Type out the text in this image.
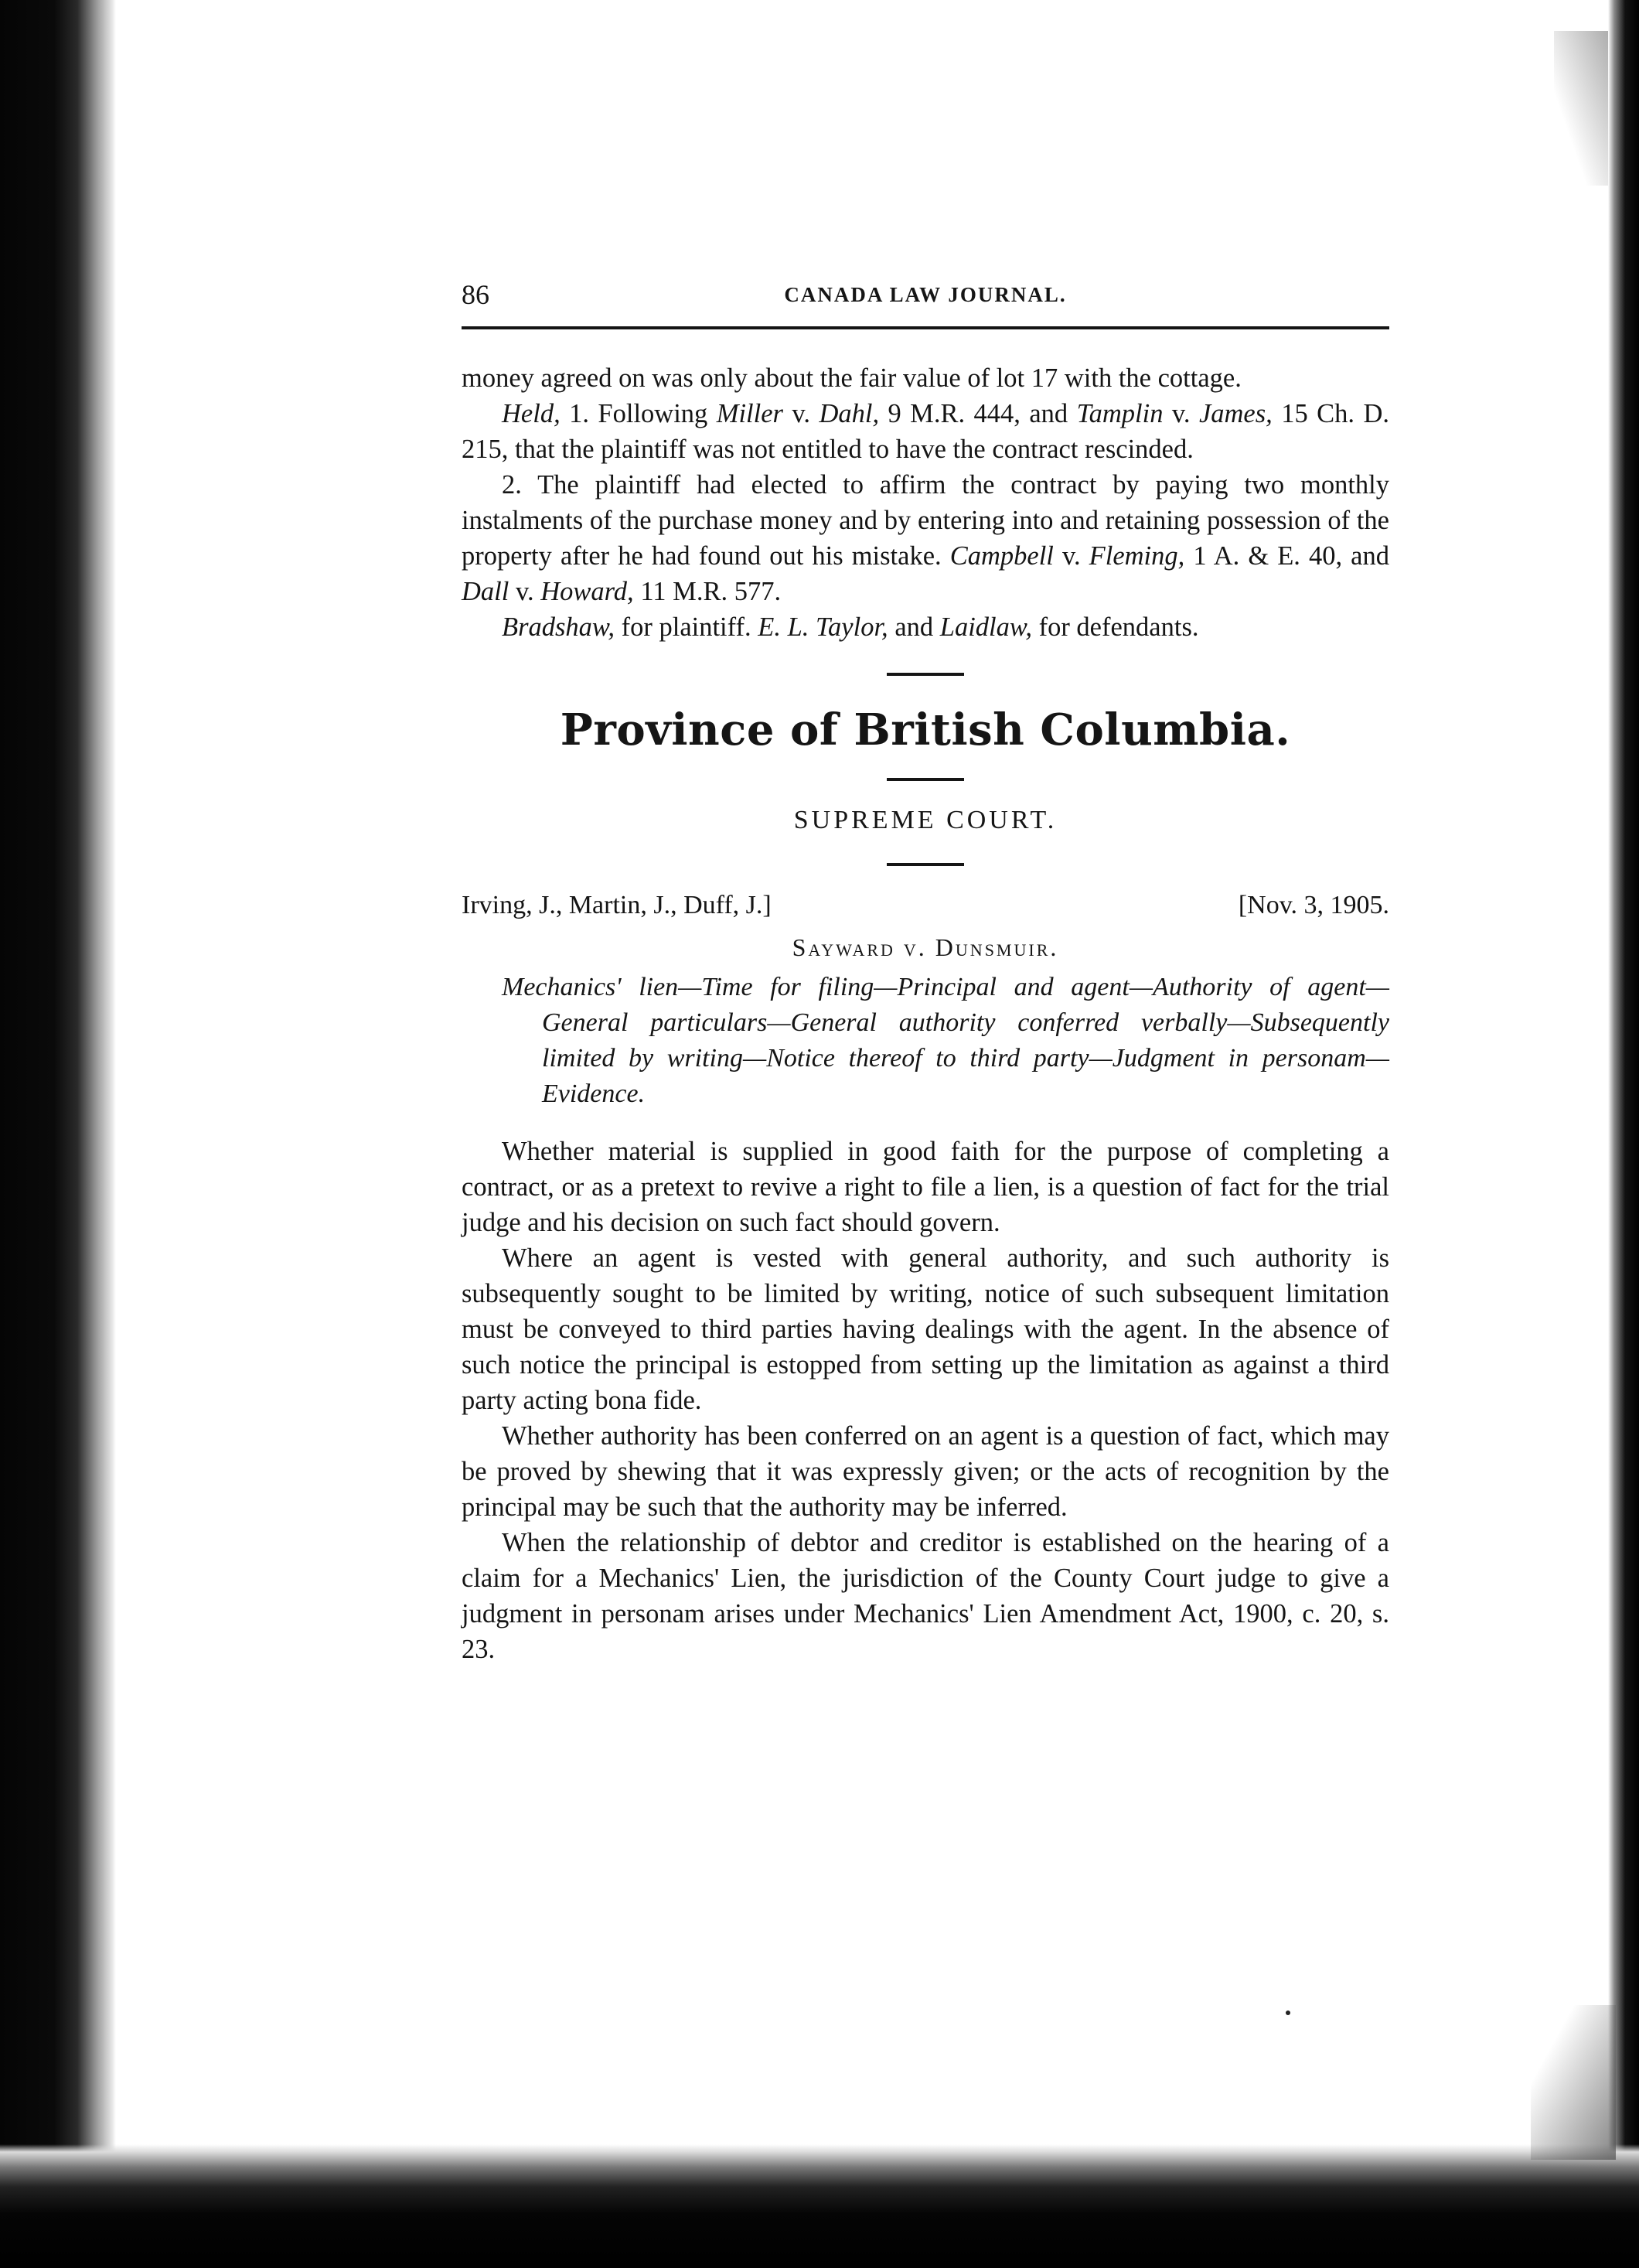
86	CANADA LAW JOURNAL.

money agreed on was only about the fair value of lot 17 with the cottage.

Held, 1. Following Miller v. Dahl, 9 M.R. 444, and Tamplin v. James, 15 Ch. D. 215, that the plaintiff was not entitled to have the contract rescinded.

2. The plaintiff had elected to affirm the contract by paying two monthly instalments of the purchase money and by entering into and retaining possession of the property after he had found out his mistake. Campbell v. Fleming, 1 A. & E. 40, and Dall v. Howard, 11 M.R. 577.

Bradshaw, for plaintiff. E. L. Taylor, and Laidlaw, for defendants.

Province of British Columbia.
SUPREME COURT.
Irving, J., Martin, J., Duff, J.]	[Nov. 3, 1905.
Sayward v. Dunsmuir.
Mechanics' lien—Time for filing—Principal and agent—Authority of agent—General particulars—General authority conferred verbally—Subsequently limited by writing—Notice thereof to third party—Judgment in personam—Evidence.

Whether material is supplied in good faith for the purpose of completing a contract, or as a pretext to revive a right to file a lien, is a question of fact for the trial judge and his decision on such fact should govern.

Where an agent is vested with general authority, and such authority is subsequently sought to be limited by writing, notice of such subsequent limitation must be conveyed to third parties having dealings with the agent. In the absence of such notice the principal is estopped from setting up the limitation as against a third party acting bona fide.

Whether authority has been conferred on an agent is a question of fact, which may be proved by shewing that it was expressly given; or the acts of recognition by the principal may be such that the authority may be inferred.

When the relationship of debtor and creditor is established on the hearing of a claim for a Mechanics' Lien, the jurisdiction of the County Court judge to give a judgment in personam arises under Mechanics' Lien Amendment Act, 1900, c. 20, s. 23.
